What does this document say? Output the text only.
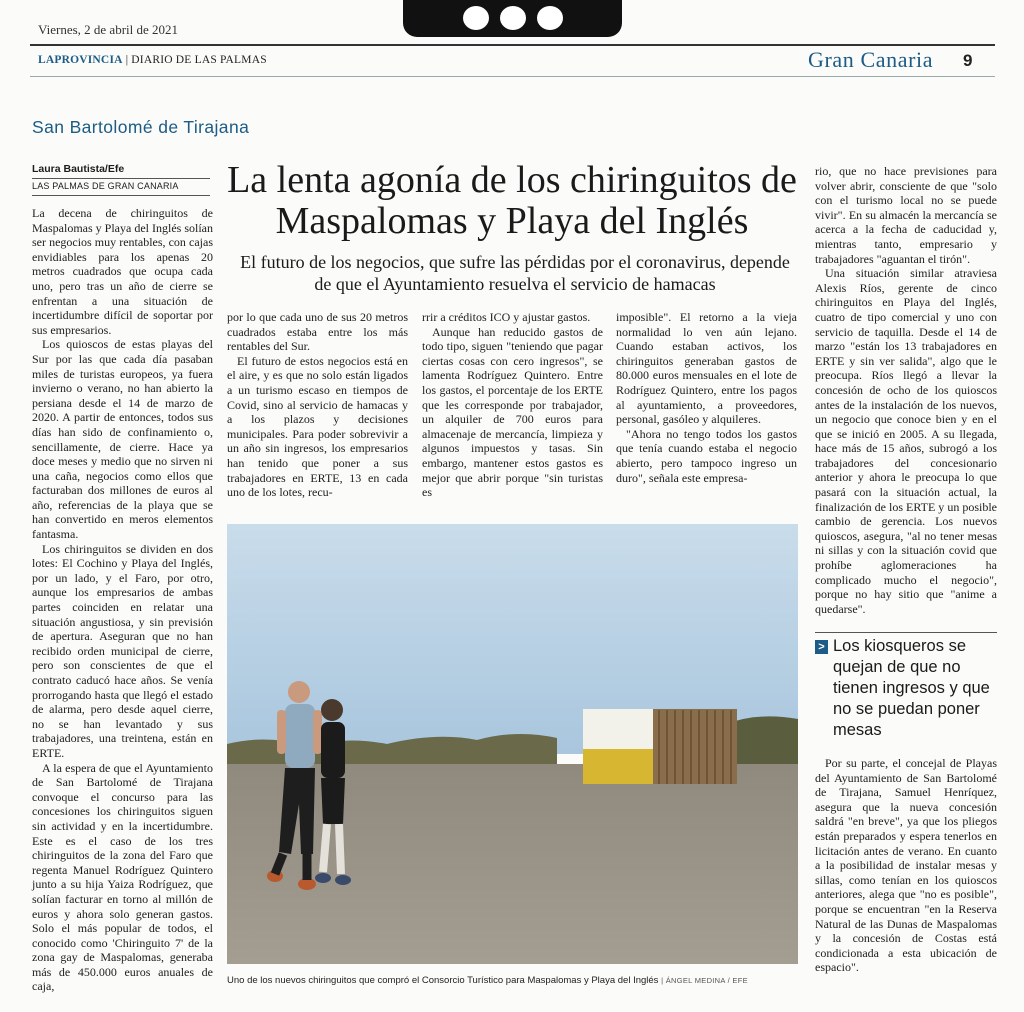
Viernes, 2 de abril de 2021
LAPROVINCIA | DIARIO DE LAS PALMAS	Gran Canaria 9
San Bartolomé de Tirajana
Laura Bautista/Efe
LAS PALMAS DE GRAN CANARIA La lenta agonía de los chiringuitos de Maspalomas y Playa del Inglés
El futuro de los negocios, que sufre las pérdidas por el coronavirus, depende de que el Ayuntamiento resuelva el servicio de hamacas

La decena de chiringuitos de Maspalomas y Playa del Inglés solían ser negocios muy rentables, con cajas envidiables para los apenas 20 metros cuadrados que ocupa cada uno, pero tras un año de cierre se enfrentan a una situación de incertidumbre difícil de soportar por sus empresarios.

Los quioscos de estas playas del Sur por las que cada día pasaban miles de turistas europeos, ya fuera invierno o verano, no han abierto la persiana desde el 14 de marzo de 2020. A partir de entonces, todos sus días han sido de confinamiento o, sencillamente, de cierre. Hace ya doce meses y medio que no sirven ni una caña, negocios como ellos que facturaban dos millones de euros al año, referencias de la playa que se han convertido en meros elementos fantasma.

Los chiringuitos se dividen en dos lotes: El Cochino y Playa del Inglés, por un lado, y el Faro, por otro, aunque los empresarios de ambas partes coinciden en relatar una situación angustiosa, y sin previsión de apertura. Aseguran que no han recibido orden municipal de cierre, pero son conscientes de que el contrato caducó hace años. Se venía prorrogando hasta que llegó el estado de alarma, pero desde aquel cierre, no se han levantado y sus trabajadores, una treintena, están en ERTE.

A la espera de que el Ayuntamiento de San Bartolomé de Tirajana convoque el concurso para las concesiones los chiringuitos siguen sin actividad y en la incertidumbre. Este es el caso de los tres chiringuitos de la zona del Faro que regenta Manuel Rodríguez Quintero junto a su hija Yaiza Rodríguez, que solían facturar en torno al millón de euros y ahora solo generan gastos. Solo el más popular de todos, el conocido como 'Chiringuito 7' de la zona gay de Maspalomas, generaba más de 450.000 euros anuales de caja,

por lo que cada uno de sus 20 metros cuadrados estaba entre los más rentables del Sur.

El futuro de estos negocios está en el aire, y es que no solo están ligados a un turismo escaso en tiempos de Covid, sino al servicio de hamacas y a los plazos y decisiones municipales. Para poder sobrevivir a un año sin ingresos, los empresarios han tenido que poner a sus trabajadores en ERTE, 13 en cada uno de los lotes, recu-

rrir a créditos ICO y ajustar gastos.

Aunque han reducido gastos de todo tipo, siguen "teniendo que pagar ciertas cosas con cero ingresos", se lamenta Rodríguez Quintero. Entre los gastos, el porcentaje de los ERTE que les corresponde por trabajador, un alquiler de 700 euros para almacenaje de mercancía, limpieza y algunos impuestos y tasas. Sin embargo, mantener estos gastos es mejor que abrir porque "sin turistas es

imposible". El retorno a la vieja normalidad lo ven aún lejano. Cuando estaban activos, los chiringuitos generaban gastos de 80.000 euros mensuales en el lote de Rodríguez Quintero, entre los pagos al ayuntamiento, a proveedores, personal, gasóleo y alquileres.

"Ahora no tengo todos los gastos que tenía cuando estaba el negocio abierto, pero tampoco ingreso un duro", señala este empresa-

rio, que no hace previsiones para volver abrir, consciente de que "solo con el turismo local no se puede vivir". En su almacén la mercancía se acerca a la fecha de caducidad y, mientras tanto, empresario y trabajadores "aguantan el tirón".

Una situación similar atraviesa Alexis Ríos, gerente de cinco chiringuitos en Playa del Inglés, cuatro de tipo comercial y uno con servicio de taquilla. Desde el 14 de marzo "están los 13 trabajadores en ERTE y sin ver salida", algo que le preocupa. Ríos llegó a llevar la concesión de ocho de los quioscos antes de la instalación de los nuevos, un negocio que conoce bien y en el que se inició en 2005. A su llegada, hace más de 15 años, subrogó a los trabajadores del concesionario anterior y ahora le preocupa lo que pasará con la situación actual, la finalización de los ERTE y un posible cambio de gerencia. Los nuevos quioscos, asegura, "al no tener mesas ni sillas y con la situación covid que prohíbe aglomeraciones ha complicado mucho el negocio", porque no hay sitio que "anime a quedarse".

> Los kiosqueros se quejan de que no tienen ingresos y que no se puedan poner mesas

Por su parte, el concejal de Playas del Ayuntamiento de San Bartolomé de Tirajana, Samuel Henríquez, asegura que la nueva concesión saldrá "en breve", ya que los pliegos están preparados y espera tenerlos en licitación antes de verano. En cuanto a la posibilidad de instalar mesas y sillas, como tenían en los quioscos anteriores, alega que "no es posible", porque se encuentran "en la Reserva Natural de las Dunas de Maspalomas y la concesión de Costas está condicionada a esta ubicación de espacio".

Uno de los nuevos chiringuitos que compró el Consorcio Turístico para Maspalomas y Playa del Inglés | ÁNGEL MEDINA / EFE
